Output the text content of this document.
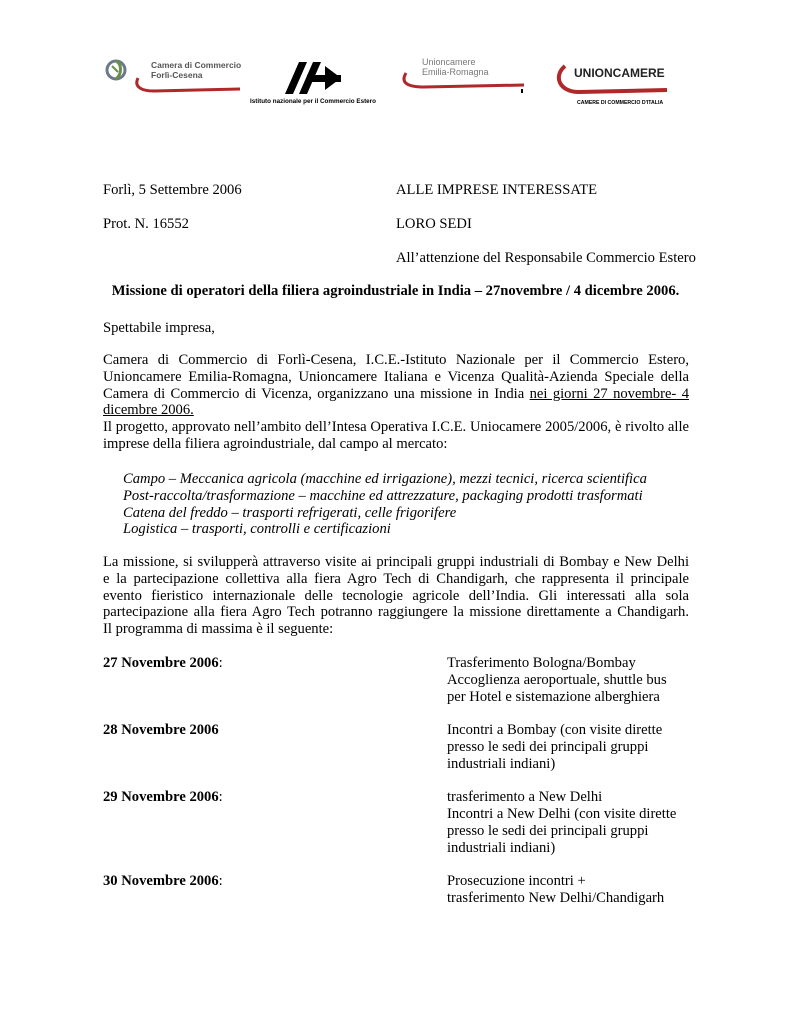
Camera di Commercio
Forlì-Cesena
Istituto nazionale per il Commercio Estero
Unioncamere
Emilia-Romagna	UNIONCAMERE
CAMERE DI COMMERCIO D'ITALIA
Forlì, 5 Settembre 2006
Prot. N. 16552
ALLE IMPRESE INTERESSATE
LORO SEDI
All’attenzione del Responsabile Commercio Estero
Missione di operatori della filiera agroindustriale in India – 27novembre / 4 dicembre 2006.
Spettabile impresa,
Camera di Commercio di Forlì-Cesena, I.C.E.-Istituto Nazionale per il Commercio Estero,
Unioncamere Emilia-Romagna, Unioncamere Italiana e Vicenza Qualità-Azienda Speciale della
Camera di Commercio di Vicenza, organizzano una missione in India nei giorni 27 novembre- 4
dicembre 2006.
Il progetto, approvato nell’ambito dell’Intesa Operativa I.C.E. Uniocamere 2005/2006, è rivolto alle
imprese della filiera agroindustriale, dal campo al mercato:
Campo – Meccanica agricola (macchine ed irrigazione), mezzi tecnici, ricerca scientifica
Post-raccolta/trasformazione – macchine ed attrezzature, packaging prodotti trasformati
Catena del freddo – trasporti refrigerati, celle frigorifere
Logistica – trasporti, controlli e certificazioni
La missione, si svilupperà attraverso visite ai principali gruppi industriali di Bombay e New Delhi
e la partecipazione collettiva alla fiera Agro Tech di Chandigarh, che rappresenta il principale
evento fieristico internazionale delle tecnologie agricole dell’India. Gli interessati alla sola
partecipazione alla fiera Agro Tech potranno raggiungere la missione direttamente a Chandigarh.
Il programma di massima è il seguente:
27 Novembre 2006:	Trasferimento Bologna/Bombay
Accoglienza aeroportuale, shuttle bus
per Hotel e sistemazione alberghiera
28 Novembre 2006	Incontri a Bombay (con visite dirette
presso le sedi dei principali gruppi
industriali indiani)
29 Novembre 2006:	trasferimento a New Delhi
Incontri a New Delhi (con visite dirette
presso le sedi dei principali gruppi
industriali indiani)
30 Novembre 2006:	Prosecuzione incontri +
trasferimento New Delhi/Chandigarh
